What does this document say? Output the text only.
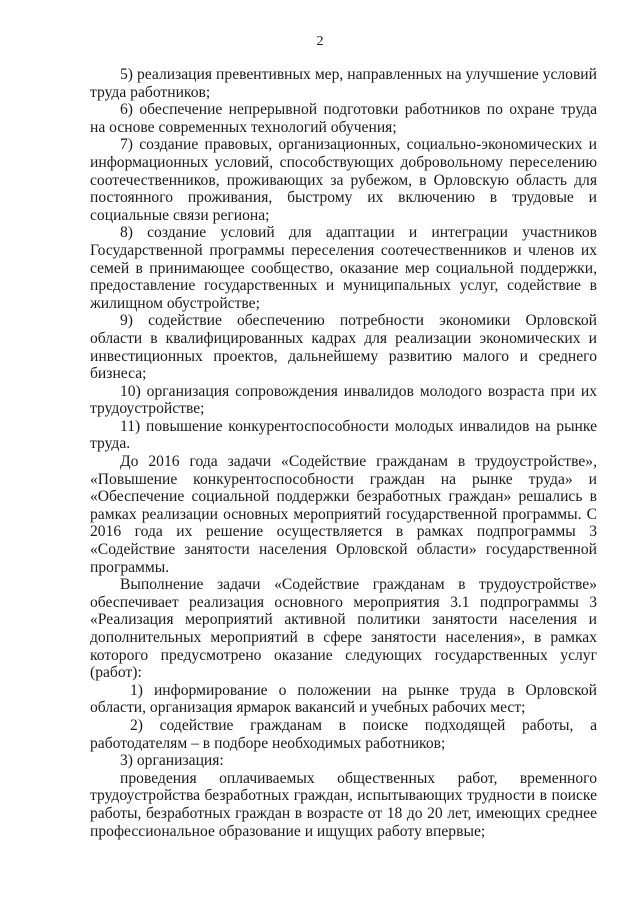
2

5) реализация превентивных мер, направленных на улучшение условий труда работников;

6) обеспечение непрерывной подготовки работников по охране труда на основе современных технологий обучения;

7) создание правовых, организационных, социально-экономических и информационных условий, способствующих добровольному переселению соотечественников, проживающих за рубежом, в Орловскую область для постоянного проживания, быстрому их включению в трудовые и социальные связи региона;

8) создание условий для адаптации и интеграции участников Государственной программы переселения соотечественников и членов их семей в принимающее сообщество, оказание мер социальной поддержки, предоставление государственных и муниципальных услуг, содействие в жилищном обустройстве;

9) содействие обеспечению потребности экономики Орловской области в квалифицированных кадрах для реализации экономических и инвестиционных проектов, дальнейшему развитию малого и среднего бизнеса;

10) организация сопровождения инвалидов молодого возраста при их трудоустройстве;

11) повышение конкурентоспособности молодых инвалидов на рынке труда.

До 2016 года задачи «Содействие гражданам в трудоустройстве», «Повышение конкурентоспособности граждан на рынке труда» и «Обеспечение социальной поддержки безработных граждан» решались в рамках реализации основных мероприятий государственной программы. С 2016 года их решение осуществляется в рамках подпрограммы 3 «Содействие занятости населения Орловской области» государственной программы.

Выполнение задачи «Содействие гражданам в трудоустройстве» обеспечивает реализация основного мероприятия 3.1 подпрограммы 3 «Реализация мероприятий активной политики занятости населения и дополнительных мероприятий в сфере занятости населения», в рамках которого предусмотрено оказание следующих государственных услуг (работ):

1) информирование о положении на рынке труда в Орловской области, организация ярмарок вакансий и учебных рабочих мест;

2) содействие гражданам в поиске подходящей работы, а работодателям – в подборе необходимых работников;

3) организация:

проведения оплачиваемых общественных работ, временного трудоустройства безработных граждан, испытывающих трудности в поиске работы, безработных граждан в возрасте от 18 до 20 лет, имеющих среднее профессиональное образование и ищущих работу впервые;
